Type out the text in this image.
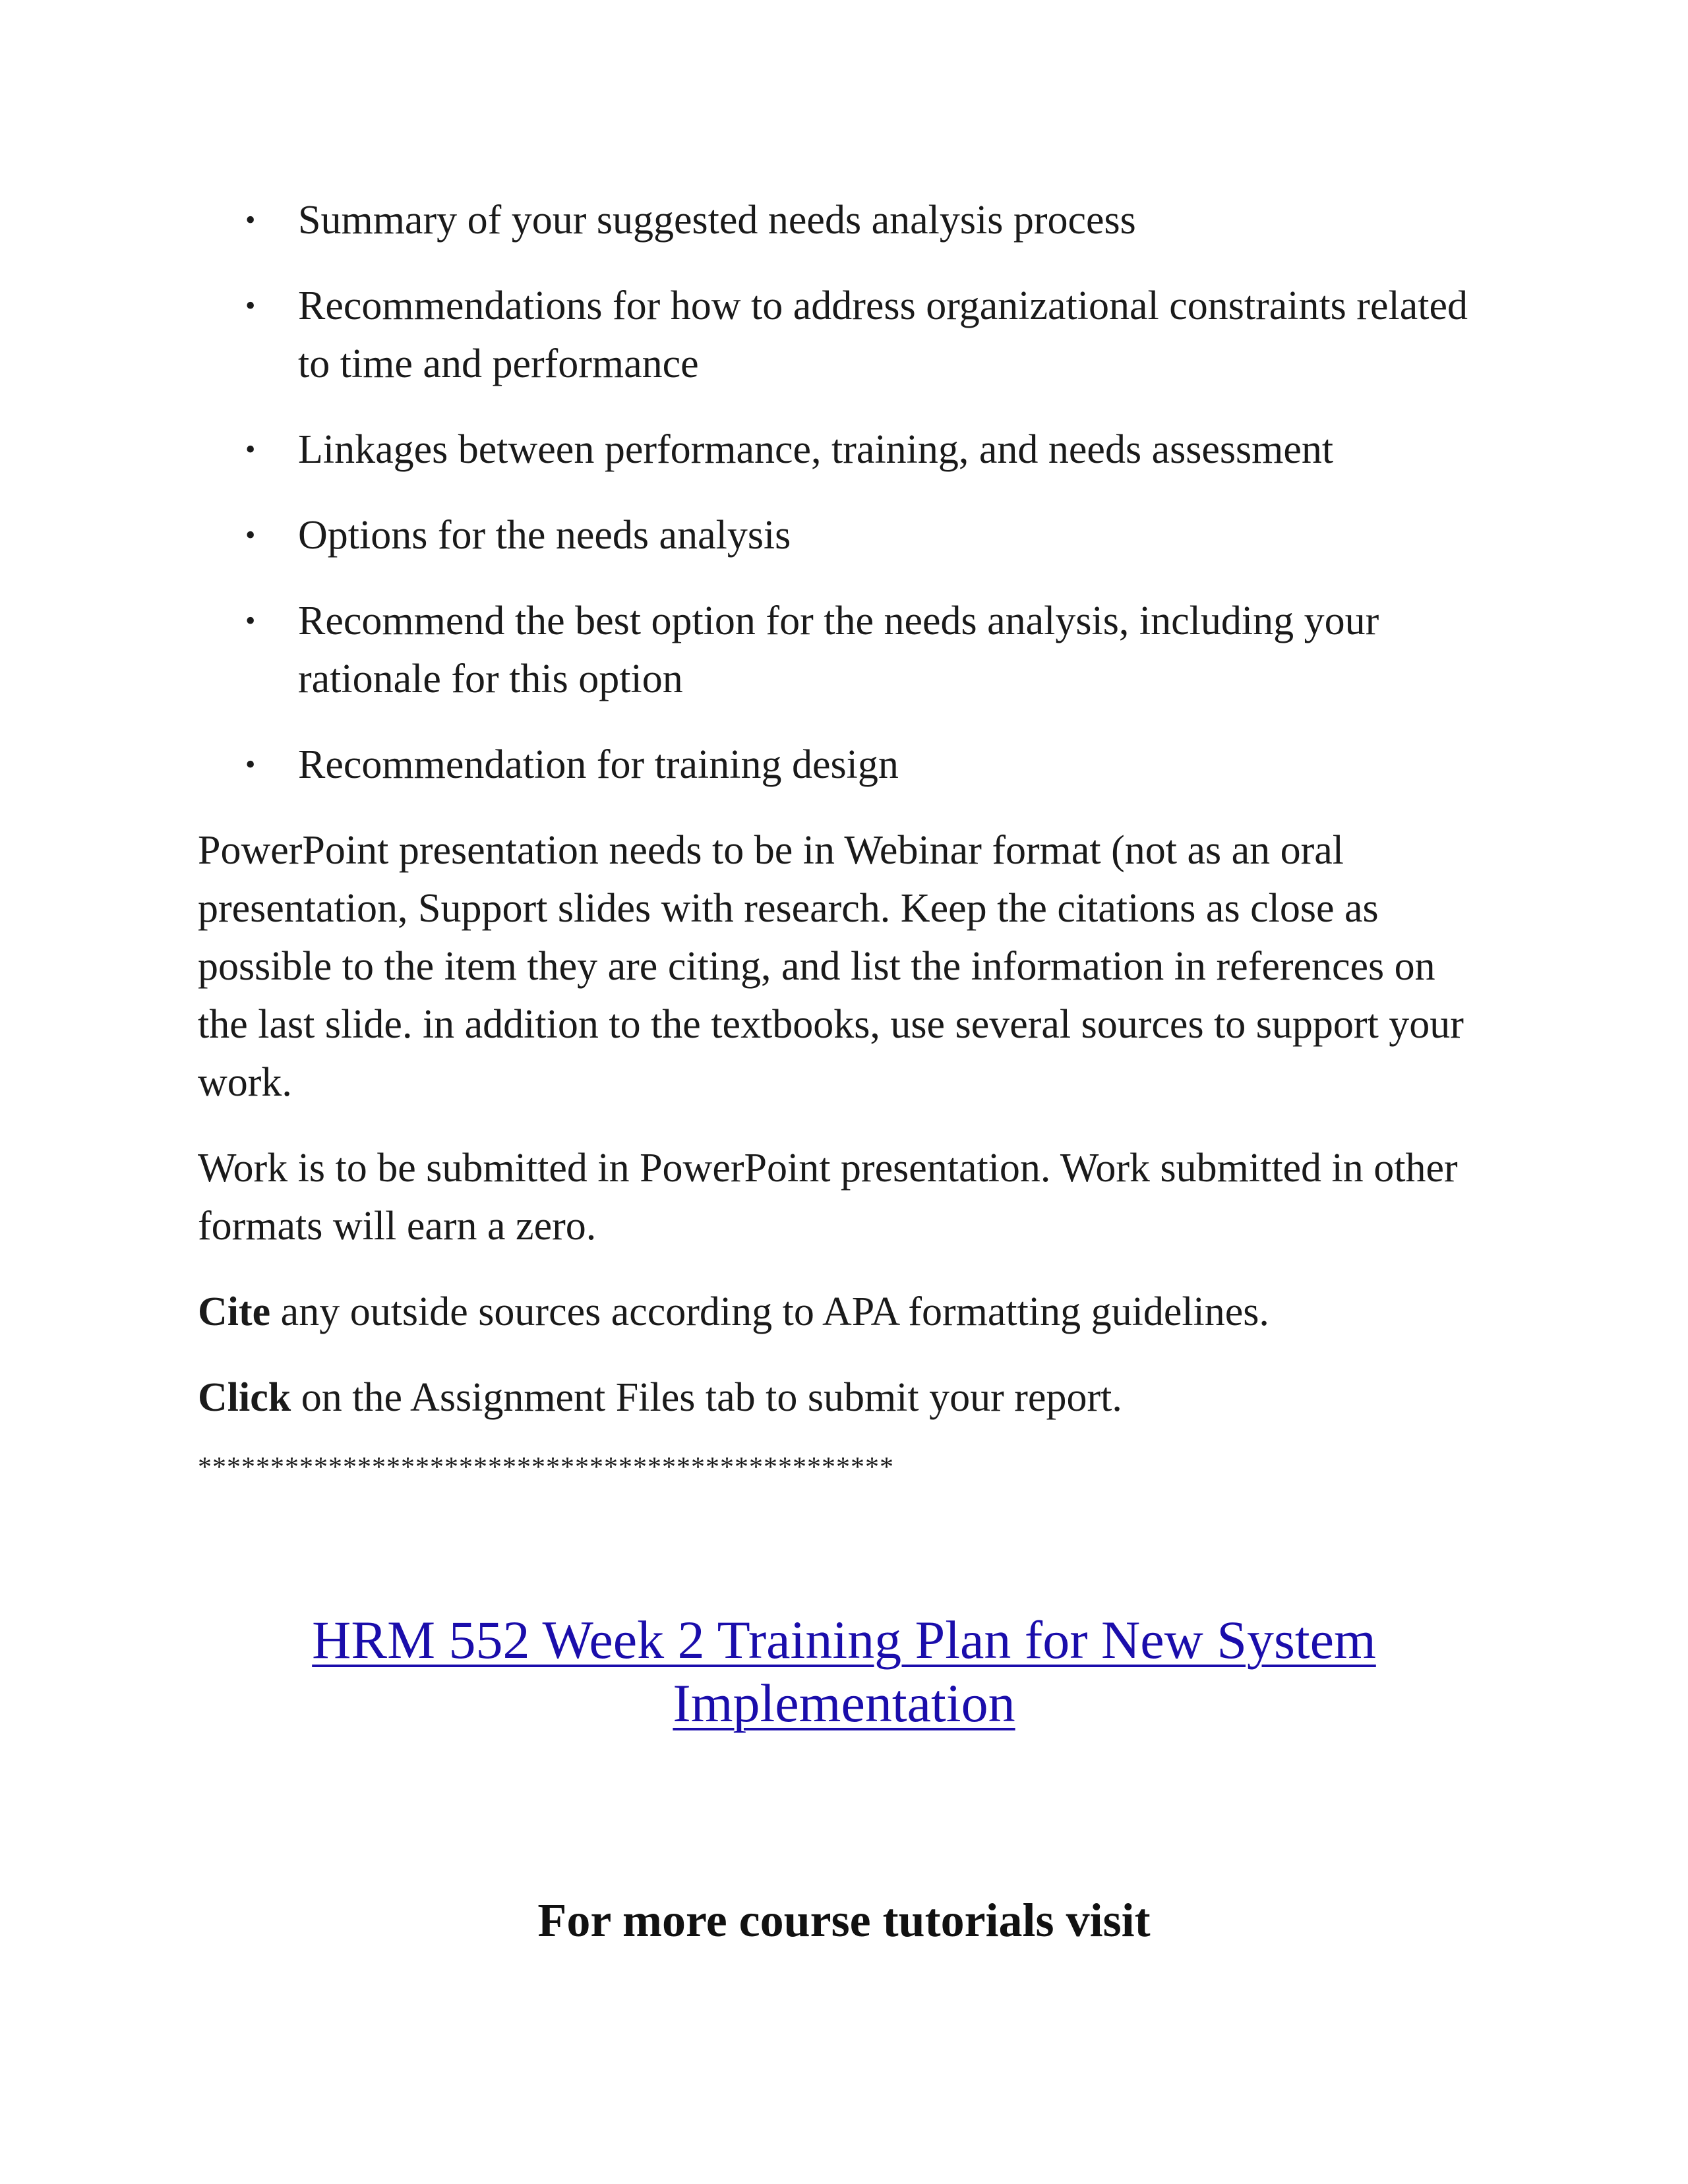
• Summary of your suggested needs analysis process
• Recommendations for how to address organizational constraints related to time and performance
• Linkages between performance, training, and needs assessment
• Options for the needs analysis
• Recommend the best option for the needs analysis, including your rationale for this option
• Recommendation for training design

PowerPoint presentation needs to be in Webinar format (not as an oral presentation, Support slides with research. Keep the citations as close as possible to the item they are citing, and list the information in references on the last slide. in addition to the textbooks, use several sources to support your work.

Work is to be submitted in PowerPoint presentation. Work submitted in other formats will earn a zero.

Cite any outside sources according to APA formatting guidelines.

Click on the Assignment Files tab to submit your report.

************************************************
HRM 552 Week 2 Training Plan for New System Implementation
For more course tutorials visit
